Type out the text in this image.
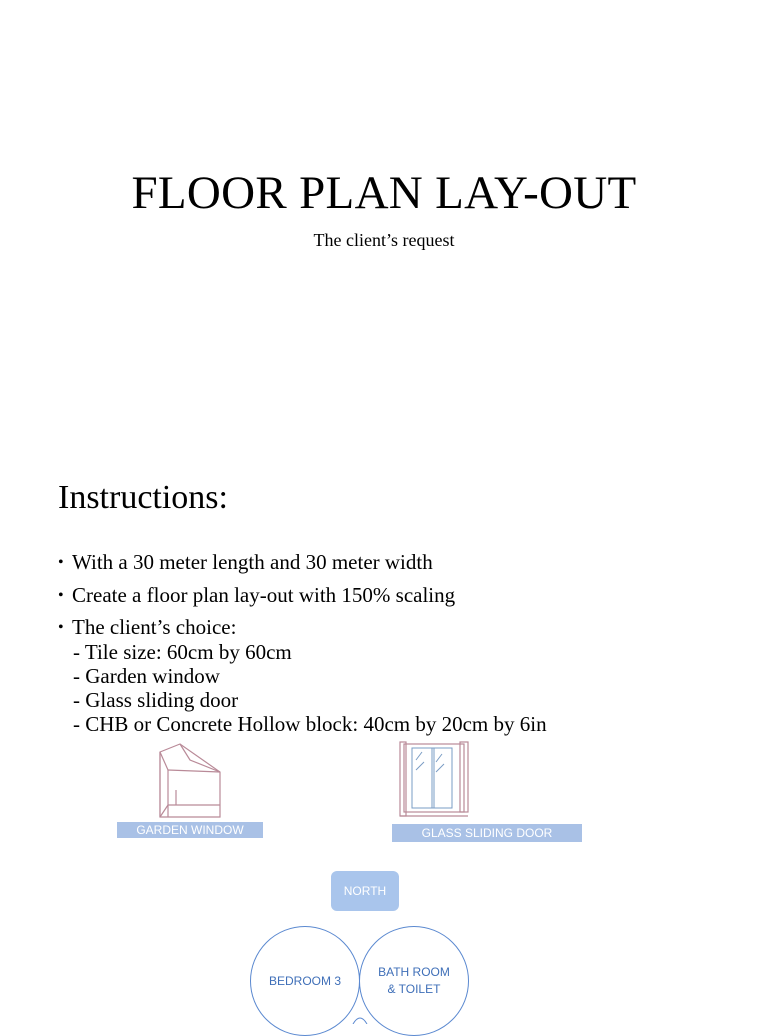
FLOOR PLAN LAY-OUT
The client’s request
Instructions:
• With a 30 meter length and 30 meter width
• Create a floor plan lay-out with 150% scaling
• The client’s choice:
- Tile size: 60cm by 60cm
- Garden window
- Glass sliding door
- CHB or Concrete Hollow block: 40cm by 20cm by 6in
GARDEN WINDOW	GLASS SLIDING DOOR
NORTH
BEDROOM 3
BATH ROOM & TOILET
